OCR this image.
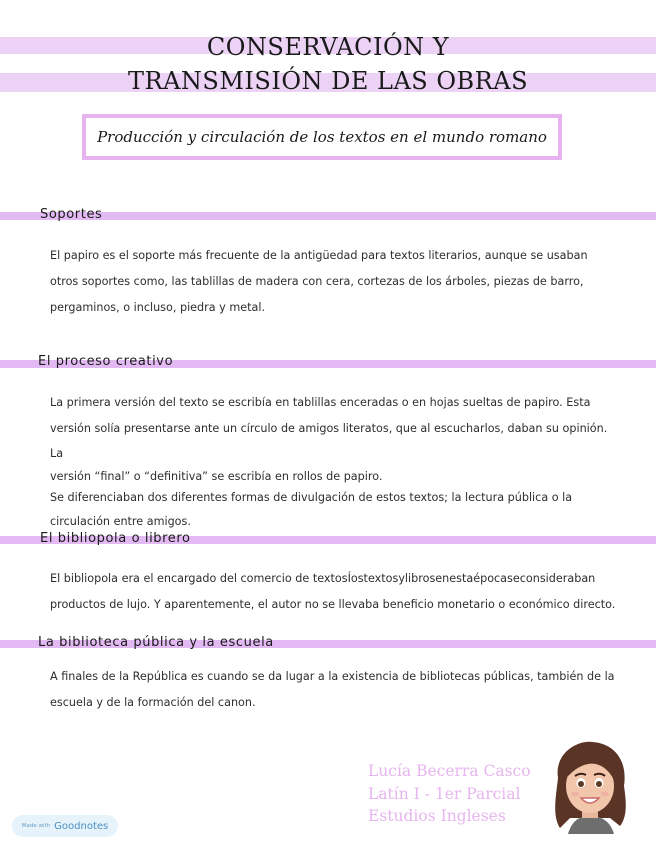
CONSERVACIÓN Y
TRANSMISIÓN DE LAS OBRAS
Producción y circulación de los textos en el mundo romano
Soportes
El papiro es el soporte más frecuente de la antigüedad para textos literarios, aunque se usaban
otros soportes como, las tablillas de madera con cera, cortezas de los árboles, piezas de barro,
pergaminos, o incluso, piedra y metal.
El proceso creativo
La primera versión del texto se escribía en tablillas enceradas o en hojas sueltas de papiro. Esta
versión solía presentarse ante un círculo de amigos literatos, que al escucharlos, daban su opinión. La
versión “final” o “definitiva” se escribía en rollos de papiro.
Se diferenciaban dos diferentes formas de divulgación de estos textos; la lectura pública o la
circulación entre amigos.
El bibliopola o librero
El bibliopola era el encargado del comercio de textosÍostextosylibrosenestaépocaseconsideraban
productos de lujo. Y aparentemente, el autor no se llevaba beneficio monetario o económico directo.
La biblioteca pública y la escuela
A finales de la República es cuando se da lugar a la existencia de bibliotecas públicas, también de la
escuela y de la formación del canon.
Lucía Becerra Casco
Latín I - 1er Parcial
Estudios Ingleses
Made with Goodnotes
